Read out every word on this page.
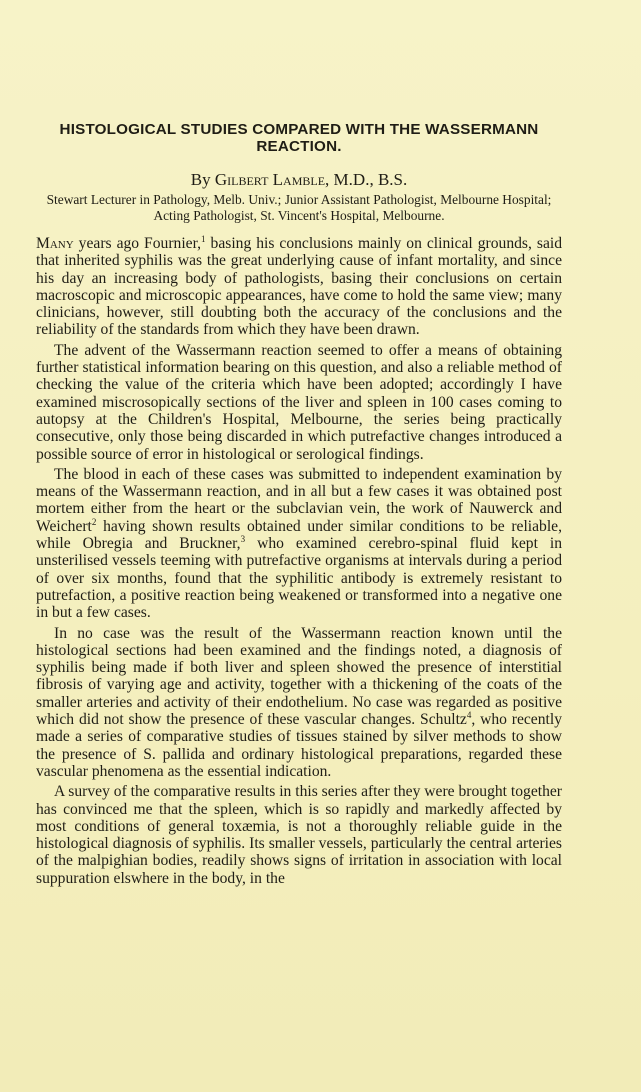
HISTOLOGICAL STUDIES COMPARED WITH THE WASSERMANN REACTION.

By Gilbert Lamble, M.D., B.S.

Stewart Lecturer in Pathology, Melb. Univ.; Junior Assistant Pathologist, Melbourne Hospital; Acting Pathologist, St. Vincent's Hospital, Melbourne.

Many years ago Fournier,$^1$ basing his conclusions mainly on clinical grounds, said that inherited syphilis was the great underlying cause of infant mortality, and since his day an increasing body of pathologists, basing their conclusions on certain macroscopic and microscopic appearances, have come to hold the same view; many clinicians, however, still doubting both the accuracy of the conclusions and the reliability of the standards from which they have been drawn.

The advent of the Wassermann reaction seemed to offer a means of obtaining further statistical information bearing on this question, and also a reliable method of checking the value of the criteria which have been adopted; accordingly I have examined miscrosopically sections of the liver and spleen in 100 cases coming to autopsy at the Children's Hospital, Melbourne, the series being practically consecutive, only those being discarded in which putrefactive changes introduced a possible source of error in histological or serological findings.

The blood in each of these cases was submitted to independent examination by means of the Wassermann reaction, and in all but a few cases it was obtained post mortem either from the heart or the subclavian vein, the work of Nauwerck and Weichert$^2$ having shown results obtained under similar conditions to be reliable, while Obregia and Bruckner,$^3$ who examined cerebro-spinal fluid kept in unsterilised vessels teeming with putrefactive organisms at intervals during a period of over six months, found that the syphilitic antibody is extremely resistant to putrefaction, a positive reaction being weakened or transformed into a negative one in but a few cases.

In no case was the result of the Wassermann reaction known until the histological sections had been examined and the findings noted, a diagnosis of syphilis being made if both liver and spleen showed the presence of interstitial fibrosis of varying age and activity, together with a thickening of the coats of the smaller arteries and activity of their endothelium. No case was regarded as positive which did not show the presence of these vascular changes. Schultz$^4$, who recently made a series of comparative studies of tissues stained by silver methods to show the presence of S. pallida and ordinary histological preparations, regarded these vascular phenomena as the essential indication.

A survey of the comparative results in this series after they were brought together has convinced me that the spleen, which is so rapidly and markedly affected by most conditions of general toxæmia, is not a thoroughly reliable guide in the histological diagnosis of syphilis. Its smaller vessels, particularly the central arteries of the malpighian bodies, readily shows signs of irritation in association with local suppuration elswhere in the body, in the
